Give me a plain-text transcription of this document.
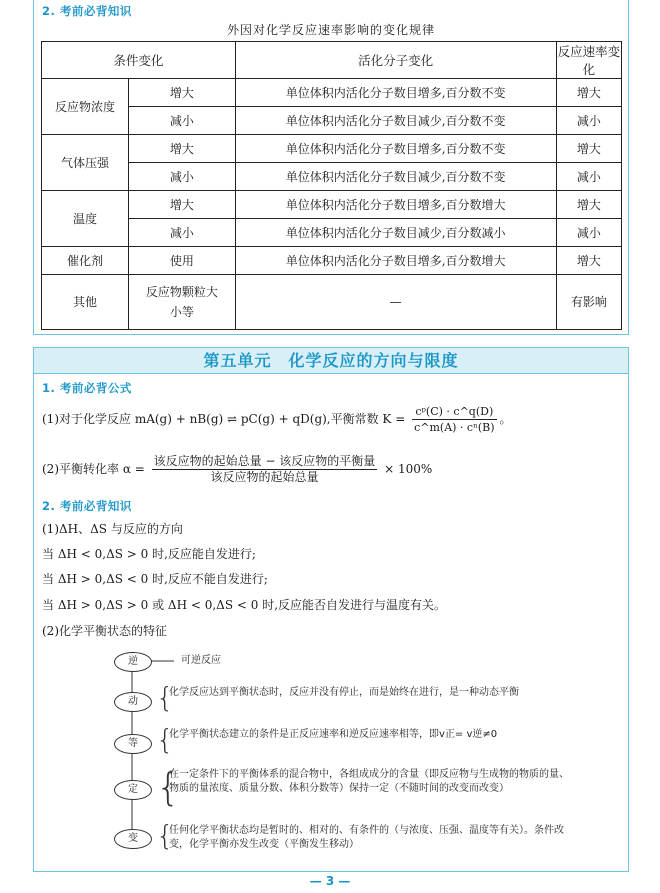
2. 考前必背知识
外因对化学反应速率影响的变化规律
条件变化		活化分子变化	反应速率变化
反应物浓度	增大	单位体积内活化分子数目增多,百分数不变	增大
	减小	单位体积内活化分子数目减少,百分数不变	减小
气体压强	增大	单位体积内活化分子数目增多,百分数不变	增大
	减小	单位体积内活化分子数目减少,百分数不变	减小
温度	增大	单位体积内活化分子数目增多,百分数增大	增大
	减小	单位体积内活化分子数目减少,百分数减小	减小
催化剂	使用	单位体积内活化分子数目增多,百分数增大	增大
其他	反应物颗粒大小等	—	有影响
第五单元　化学反应的方向与限度
1. 考前必背公式
(1)对于化学反应 mA(g) + nB(g) ⇌ pC(g) + qD(g),平衡常数 $K = \frac{\text{cᵖ(C) · c\textasciicircum{}q(D)}}{\text{c\textasciicircum{}m(A) · cⁿ(B)}}$ 。
(2)平衡转化率 $\alpha = \frac{\text{该反应物的起始总量 − 该反应物的平衡量}}{\text{该反应物的起始总量}} \times 100\%$
2. 考前必背知识
(1)ΔH、ΔS 与反应的方向
当 ΔH < 0,ΔS > 0 时,反应能自发进行;
当 ΔH > 0,ΔS < 0 时,反应不能自发进行;
当 ΔH > 0,ΔS > 0 或 ΔH < 0,ΔS < 0 时,反应能否自发进行与温度有关。
(2)化学平衡状态的特征
逆	可逆反应
动 {
化学反应达到平衡状态时，反应并没有停止，而是始终在进行，是一种动态平衡
等 {
化学平衡状态建立的条件是正反应速率和逆反应速率相等，即v正= v逆≠0
定 {
在一定条件下的平衡体系的混合物中，各组成成分的含量（即反应物与生成物的物质的量、物质的量浓度、质量分数、体积分数等）保持一定（不随时间的改变而改变）
变 {
任何化学平衡状态均是暂时的、相对的、有条件的（与浓度、压强、温度等有关）。条件改变，化学平衡亦发生改变（平衡发生移动）
— 3 —
